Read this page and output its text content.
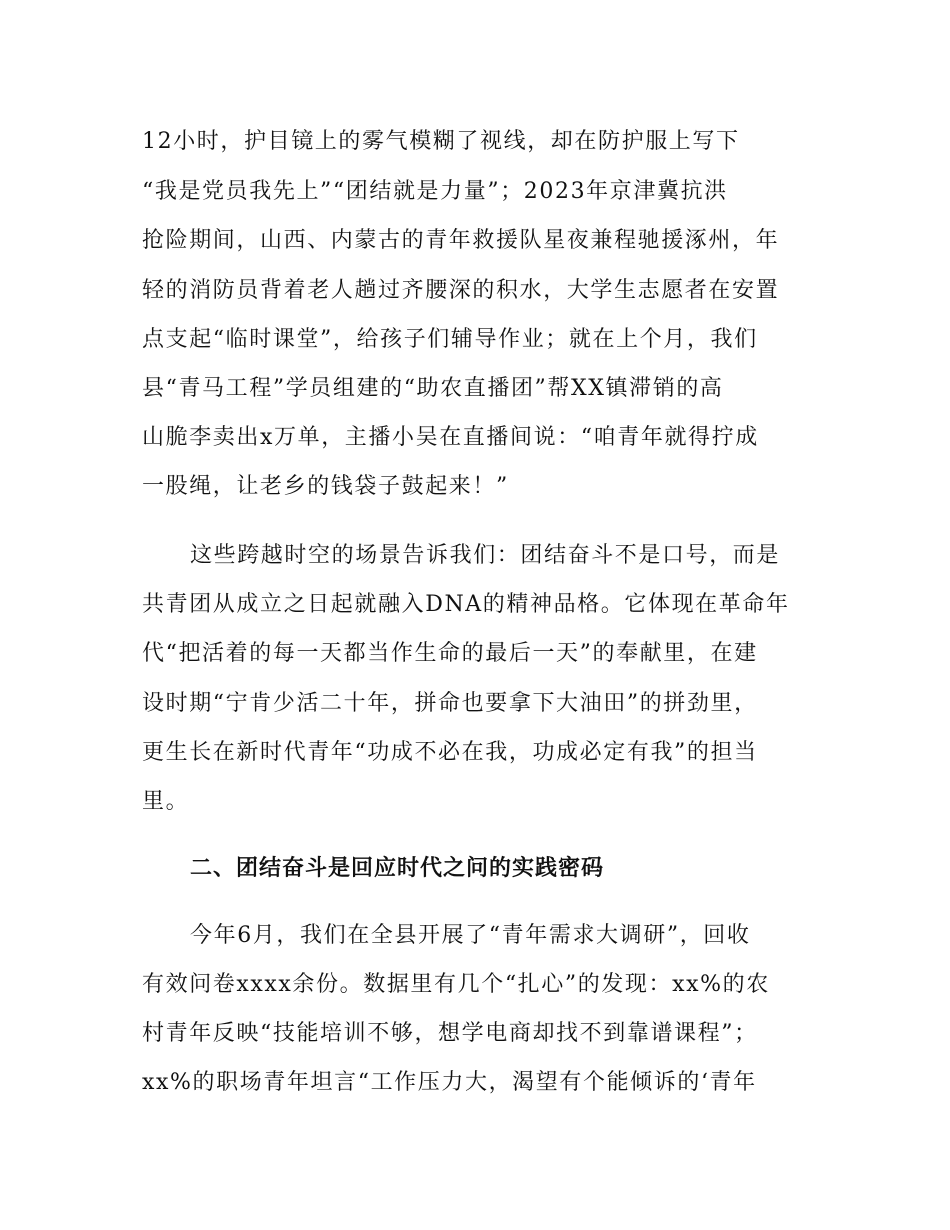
12小时，护目镜上的雾气模糊了视线，却在防护服上写下
“我是党员我先上”“团结就是力量”；2023年京津冀抗洪
抢险期间，山西、内蒙古的青年救援队星夜兼程驰援涿州，年
轻的消防员背着老人趟过齐腰深的积水，大学生志愿者在安置
点支起“临时课堂”，给孩子们辅导作业；就在上个月，我们
县“青马工程”学员组建的“助农直播团”帮XX镇滞销的高
山脆李卖出x万单，主播小吴在直播间说：“咱青年就得拧成
一股绳，让老乡的钱袋子鼓起来！”
这些跨越时空的场景告诉我们：团结奋斗不是口号，而是
共青团从成立之日起就融入DNA的精神品格。它体现在革命年
代“把活着的每一天都当作生命的最后一天”的奉献里，在建
设时期“宁肯少活二十年，拼命也要拿下大油田”的拼劲里，
更生长在新时代青年“功成不必在我，功成必定有我”的担当
里。
二、团结奋斗是回应时代之问的实践密码
今年6月，我们在全县开展了“青年需求大调研”，回收
有效问卷xxxx余份。数据里有几个“扎心”的发现：xx%的农
村青年反映“技能培训不够，想学电商却找不到靠谱课程”；
xx%的职场青年坦言“工作压力大，渴望有个能倾诉的‘青年
